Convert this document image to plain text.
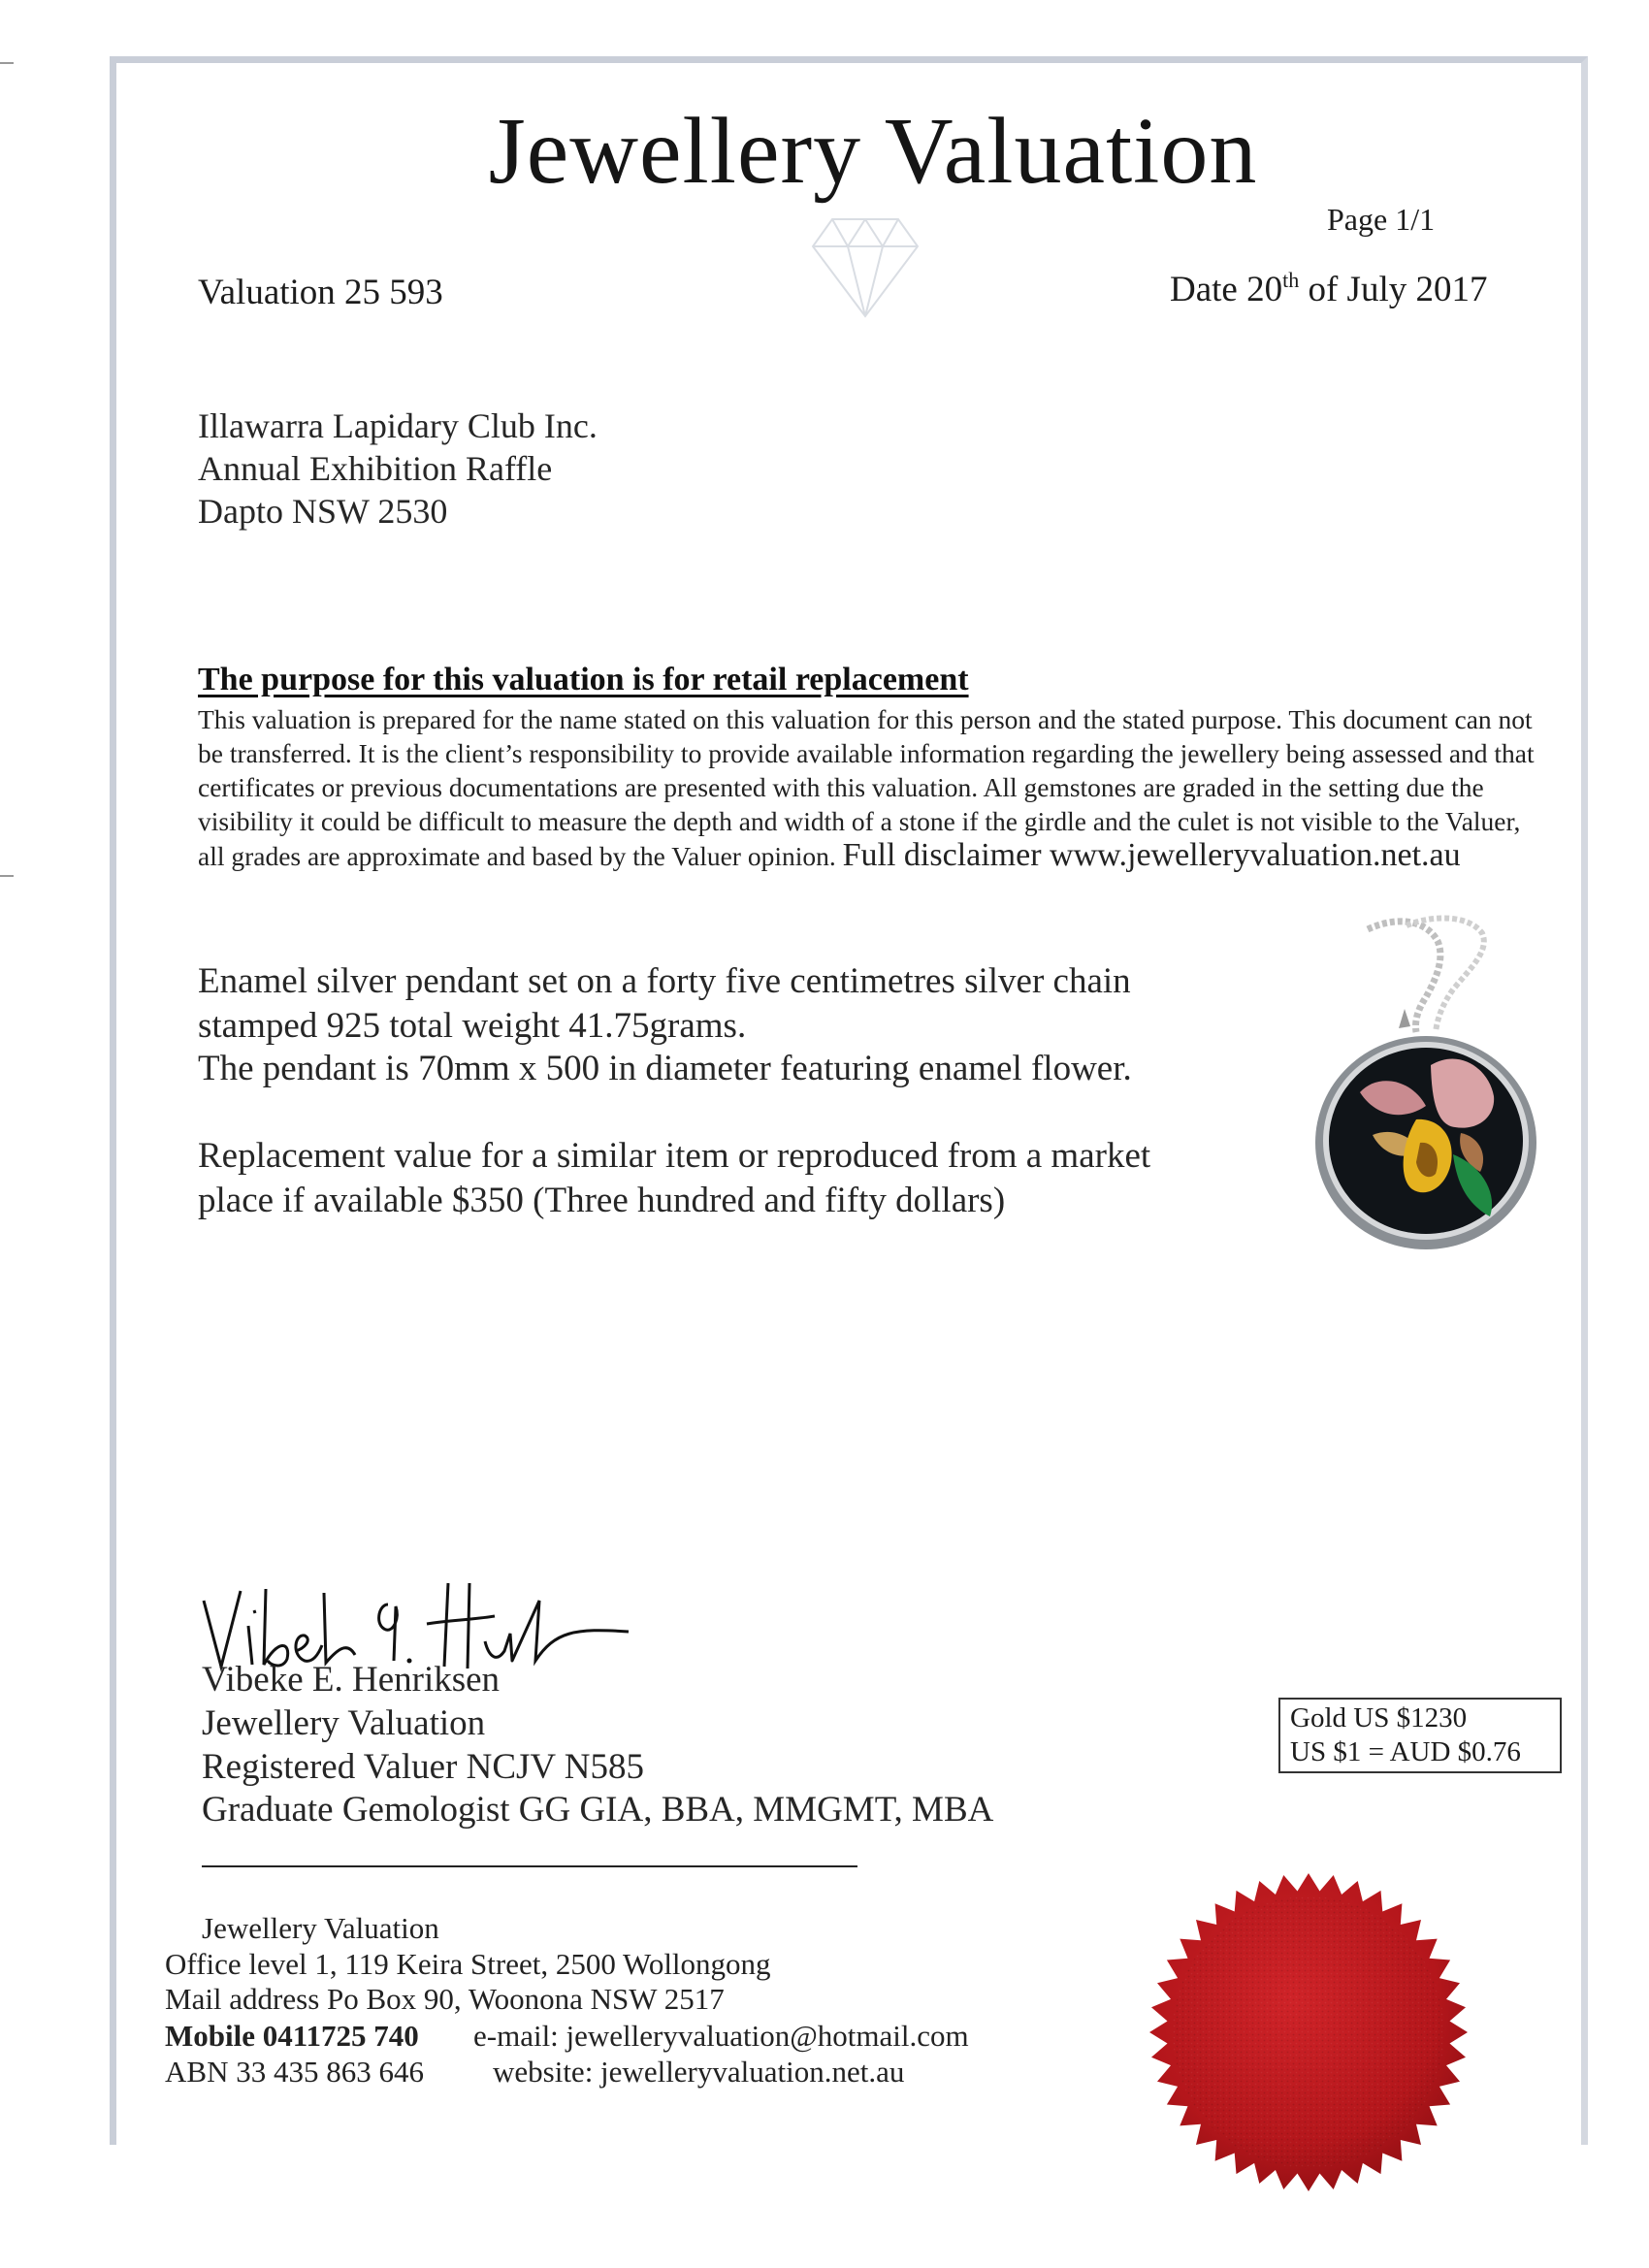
Jewellery Valuation
Page 1/1
Valuation 25 593	Date 20th of July 2017
Illawarra Lapidary Club Inc.
Annual Exhibition Raffle
Dapto NSW 2530
The purpose for this valuation is for retail replacement
This valuation is prepared for the name stated on this valuation for this person and the stated purpose. This document can not be transferred. It is the client’s responsibility to provide available information regarding the jewellery being assessed and that certificates or previous documentations are presented with this valuation. All gemstones are graded in the setting due the visibility it could be difficult to measure the depth and width of a stone if the girdle and the culet is not visible to the Valuer, all grades are approximate and based by the Valuer opinion. Full disclaimer www.jewelleryvaluation.net.au
Enamel silver pendant set on a forty five centimetres silver chain
stamped 925 total weight 41.75grams.
The pendant is 70mm x 500 in diameter featuring enamel flower.
Replacement value for a similar item or reproduced from a market
place if available $350 (Three hundred and fifty dollars)
Vibeke E. Henriksen
Jewellery Valuation
Registered Valuer NCJV N585
Graduate Gemologist GG GIA, BBA, MMGMT, MBA
Gold US $1230
US $1 = AUD $0.76
Jewellery Valuation
Office level 1, 119 Keira Street, 2500 Wollongong
Mail address Po Box 90, Woonona NSW 2517
Mobile 0411725 740 e-mail: jewelleryvaluation@hotmail.com
ABN 33 435 863 646 website: jewelleryvaluation.net.au
